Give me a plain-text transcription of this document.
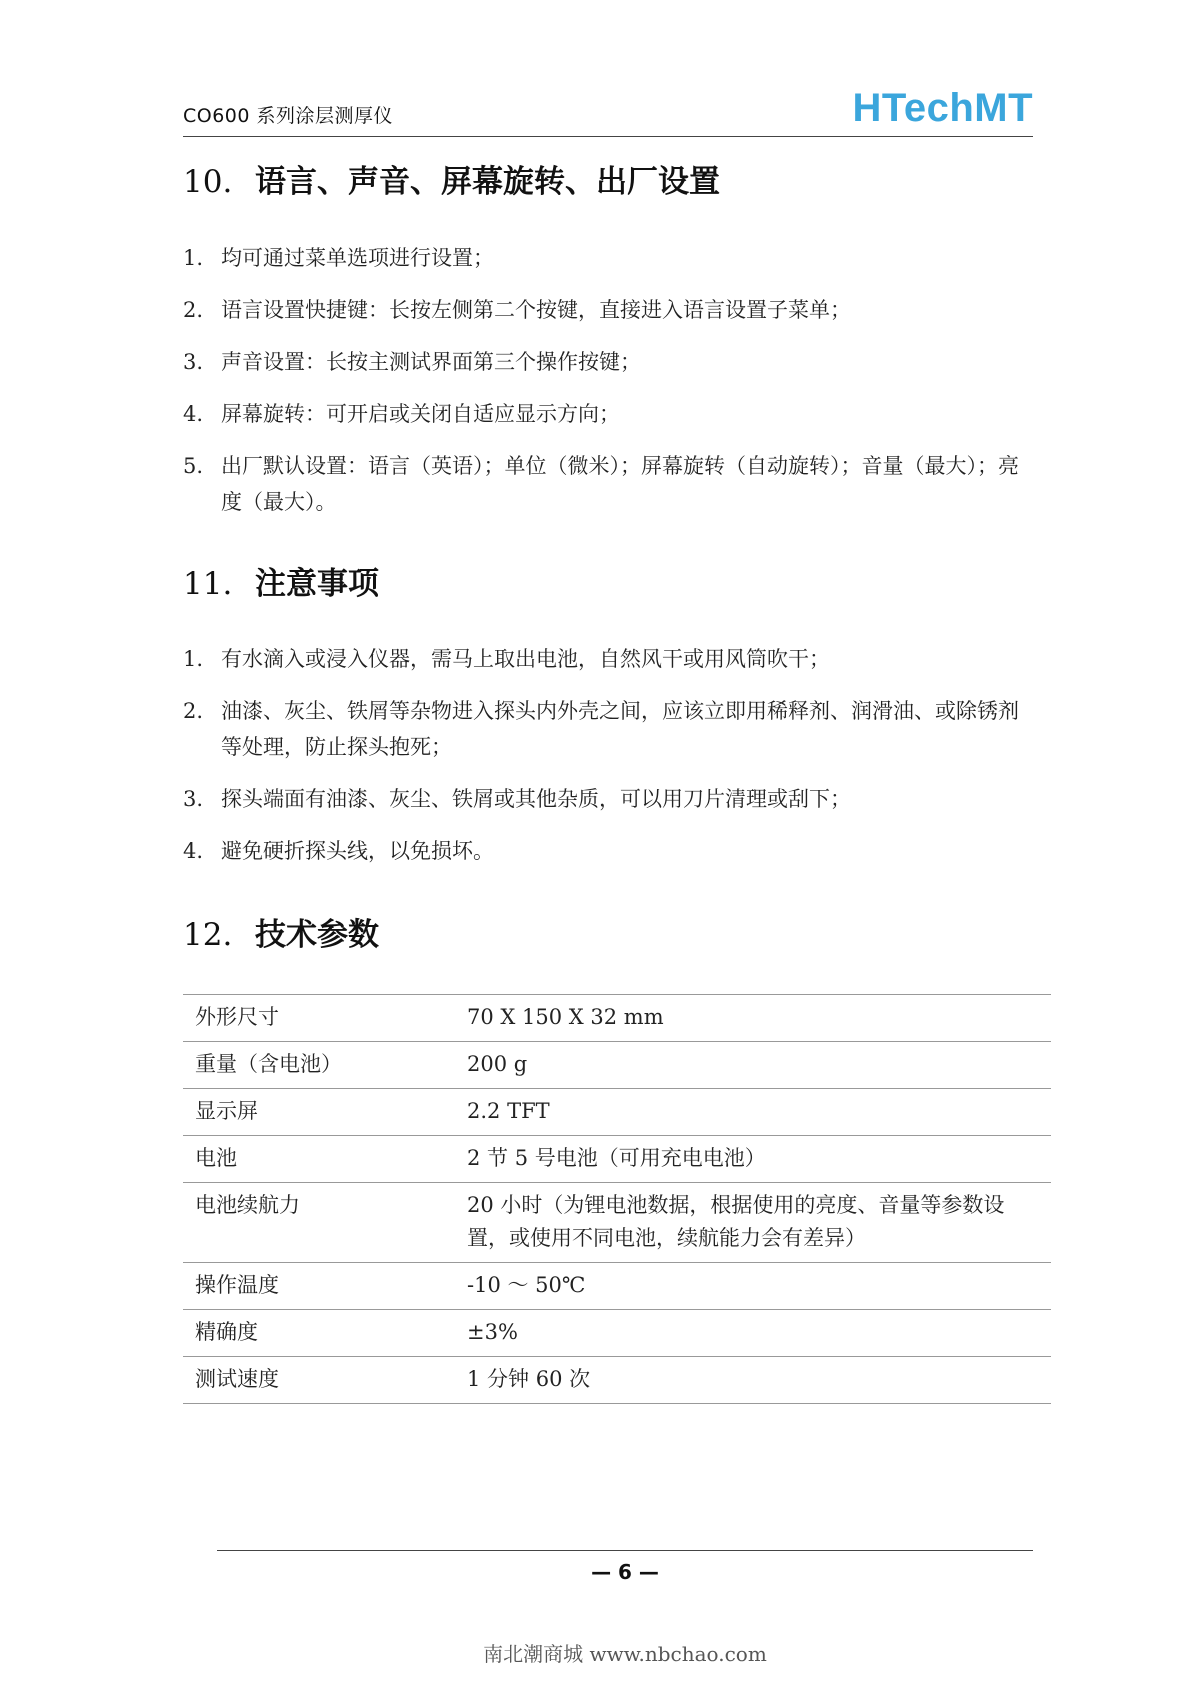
CO600 系列涂层测厚仪	HTechMT
10. 语言、声音、屏幕旋转、出厂设置
1. 均可通过菜单选项进行设置；
2. 语言设置快捷键：长按左侧第二个按键，直接进入语言设置子菜单；
3. 声音设置：长按主测试界面第三个操作按键；
4. 屏幕旋转：可开启或关闭自适应显示方向；
5. 出厂默认设置：语言（英语）；单位（微米）；屏幕旋转（自动旋转）；音量（最大）；亮度（最大）。
11. 注意事项
1. 有水滴入或浸入仪器，需马上取出电池，自然风干或用风筒吹干；
2. 油漆、灰尘、铁屑等杂物进入探头内外壳之间，应该立即用稀释剂、润滑油、或除锈剂等处理，防止探头抱死；
3. 探头端面有油漆、灰尘、铁屑或其他杂质，可以用刀片清理或刮下；
4. 避免硬折探头线，以免损坏。
12. 技术参数
外形尺寸	70 X 150 X 32 mm
重量（含电池）	200 g
显示屏	2.2 TFT
电池	2 节 5 号电池（可用充电电池）
电池续航力	20 小时（为锂电池数据，根据使用的亮度、音量等参数设置，或使用不同电池，续航能力会有差异）
操作温度	-10 ～ 50℃
精确度	±3%
测试速度	1 分钟 60 次
— 6 —
南北潮商城 www.nbchao.com
